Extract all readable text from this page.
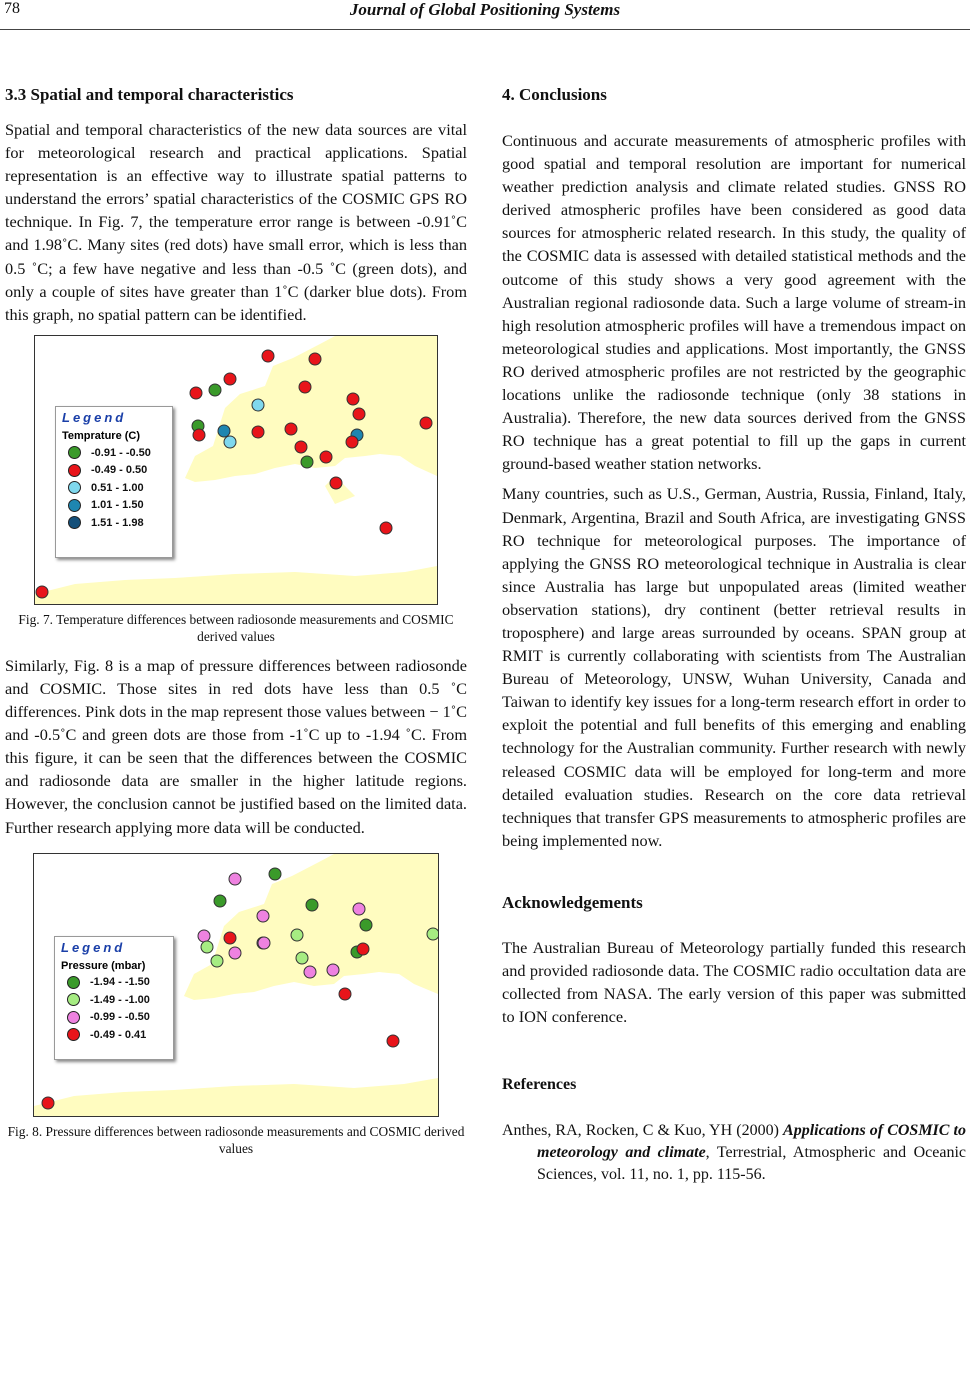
78	Journal of Global Positioning Systems
3.3 Spatial and temporal characteristics

Spatial and temporal characteristics of the new data sources are vital for meteorological research and practical applications. Spatial representation is an effective way to illustrate spatial patterns to understand the errors’ spatial characteristics of the COSMIC GPS RO technique. In Fig. 7, the temperature error range is between -0.91˚C and 1.98˚C. Many sites (red dots) have small error, which is less than 0.5 ˚C; a few have negative and less than -0.5 ˚C (green dots), and only a couple of sites have greater than 1˚C (darker blue dots). From this graph, no spatial pattern can be identified.

Legend
Temprature (C)
-0.91 - -0.50
-0.49 - 0.50
0.51 - 1.00
1.01 - 1.50
1.51 - 1.98
Fig. 7. Temperature differences between radiosonde measurements and COSMIC derived values

Similarly, Fig. 8 is a map of pressure differences between radiosonde and COSMIC. Those sites in red dots have less than 0.5 ˚C differences. Pink dots in the map represent those values between − 1˚C and -0.5˚C and green dots are those from -1˚C up to -1.94 ˚C. From this figure, it can be seen that the differences between the COSMIC and radiosonde data are smaller in the higher latitude regions. However, the conclusion cannot be justified based on the limited data. Further research applying more data will be conducted.

Legend
Pressure (mbar)
-1.94 - -1.50
-1.49 - -1.00
-0.99 - -0.50
-0.49 - 0.41
Fig. 8. Pressure differences between radiosonde measurements and COSMIC derived values
4. Conclusions

Continuous and accurate measurements of atmospheric profiles with good spatial and temporal resolution are important for numerical weather prediction analysis and climate related studies. GNSS RO derived atmospheric profiles have been considered as good data sources for atmospheric related research. In this study, the quality of the COSMIC data is assessed with detailed statistical methods and the outcome of this study shows a very good agreement with the Australian regional radiosonde data. Such a large volume of stream-in high resolution atmospheric profiles will have a tremendous impact on meteorological studies and applications. Most importantly, the GNSS RO derived atmospheric profiles are not restricted by the geographic locations unlike the radiosonde technique (only 38 stations in Australia). Therefore, the new data sources derived from the GNSS RO technique has a great potential to fill up the gaps in current ground-based weather station networks.

Many countries, such as U.S., German, Austria, Russia, Finland, Italy, Denmark, Argentina, Brazil and South Africa, are investigating GNSS RO technique for meteorological purposes. The importance of applying the GNSS RO meteorological technique in Australia is clear since Australia has large but unpopulated areas (limited weather observation stations), dry continent (better retrieval results in troposphere) and large areas surrounded by oceans. SPAN group at RMIT is currently collaborating with scientists from The Australian Bureau of Meteorology, UNSW, Wuhan University, Canada and Taiwan to identify key issues for a long-term research effort in order to exploit the potential and full benefits of this emerging and enabling technology for the Australian community. Further research with newly released COSMIC data will be employed for long-term and more detailed evaluation studies. Research on the core data retrieval techniques that transfer GPS measurements to atmospheric profiles are being implemented now.

Acknowledgements

The Australian Bureau of Meteorology partially funded this research and provided radiosonde data. The COSMIC radio occultation data are collected from NASA. The early version of this paper was submitted to ION conference.

References

Anthes, RA, Rocken, C & Kuo, YH (2000) Applications of COSMIC to meteorology and climate, Terrestrial, Atmospheric and Oceanic Sciences, vol. 11, no. 1, pp. 115-56.
